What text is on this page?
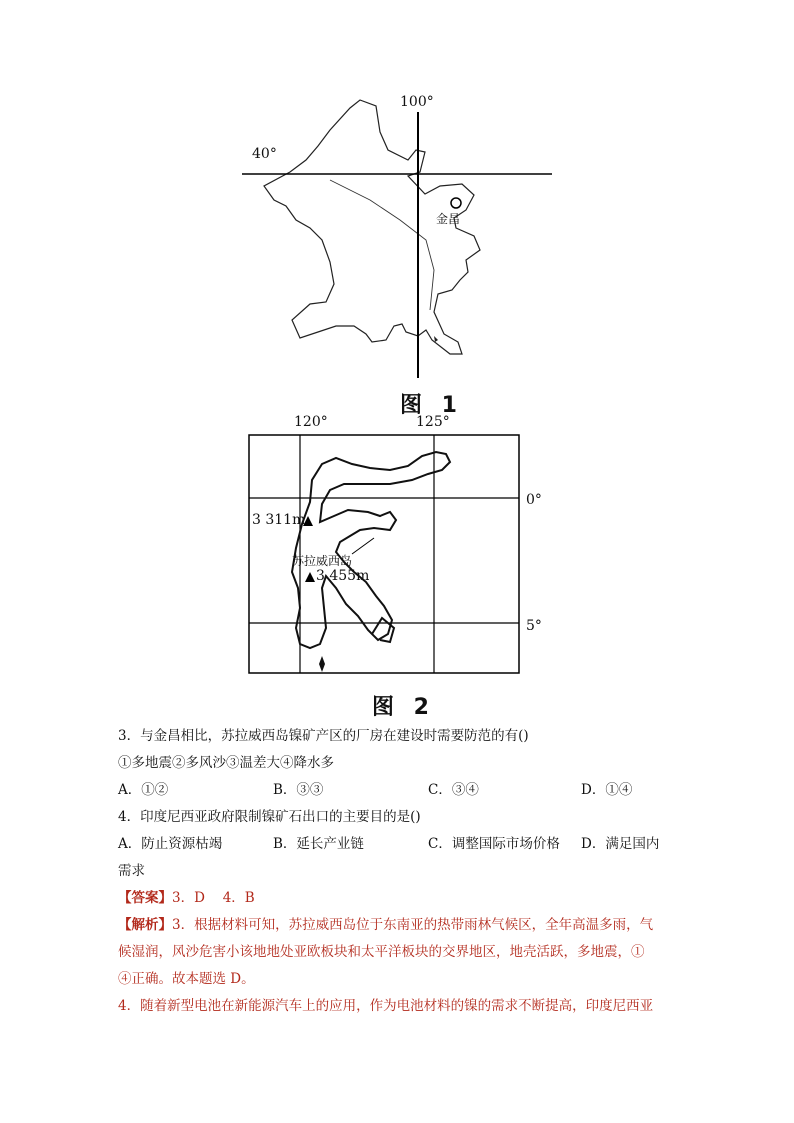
100°
40°
金昌
图 1
120°	125°
0°
5°
3 311m
苏拉威西岛
3 455m
图 2
3．与金昌相比，苏拉威西岛镍矿产区的厂房在建设时需要防范的有()
①多地震②多风沙③温差大④降水多
A．①②	B．③③	C．③④	D．①④
4．印度尼西亚政府限制镍矿石出口的主要目的是()
A．防止资源枯竭	B．延长产业链	C．调整国际市场价格 D．满足国内
需求
【答案】3．D　 4．B
【解析】3．根据材料可知，苏拉威西岛位于东南亚的热带雨林气候区，全年高温多雨，气
候湿润，风沙危害小该地地处亚欧板块和太平洋板块的交界地区，地壳活跃，多地震，①
④正确。故本题选 D。
4．随着新型电池在新能源汽车上的应用，作为电池材料的镍的需求不断提高，印度尼西亚
